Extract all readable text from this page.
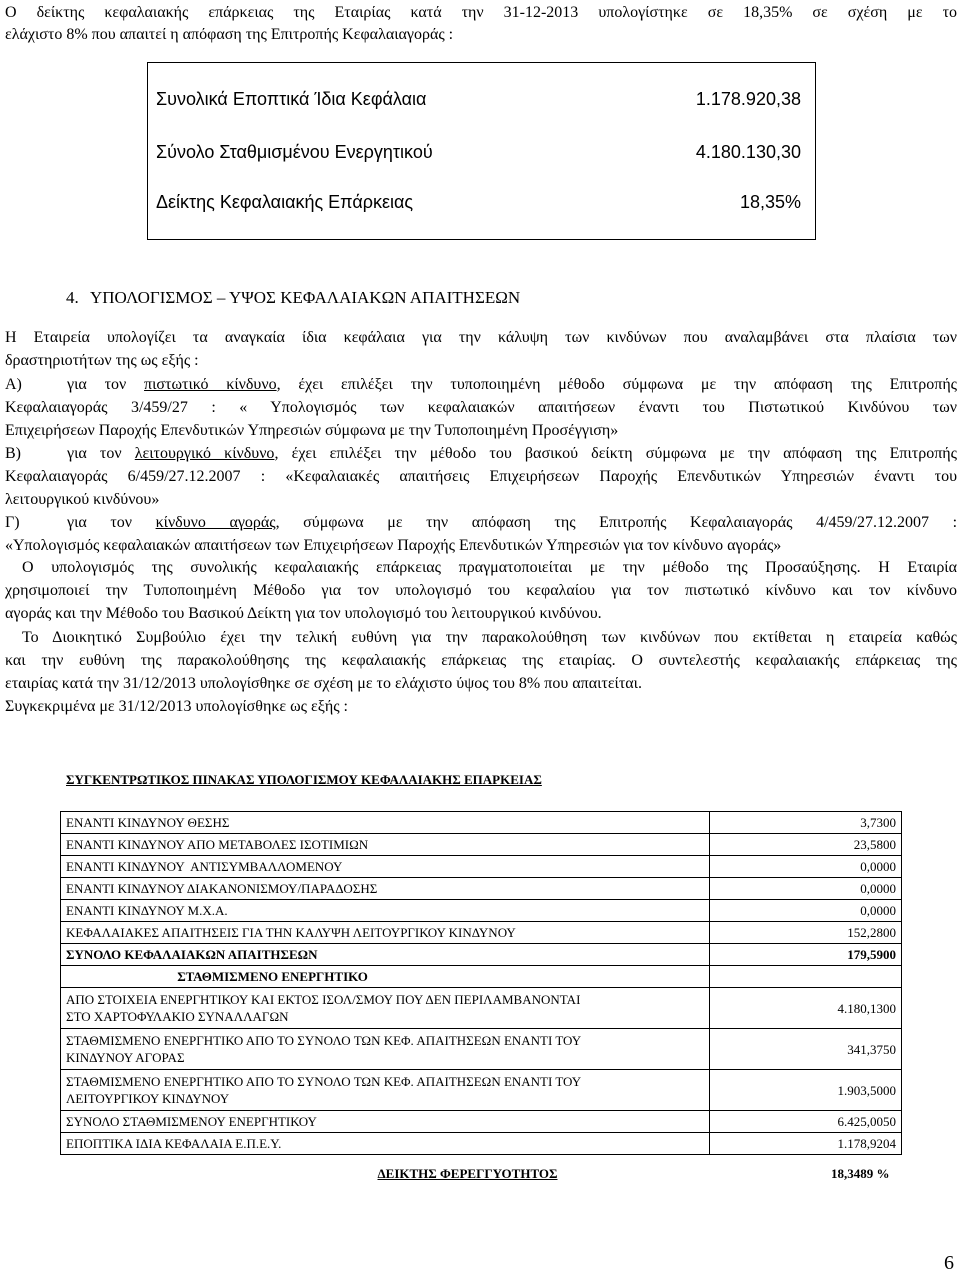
Ο δείκτης κεφαλαιακής επάρκειας της Εταιρίας κατά την 31-12-2013 υπολογίστηκε σε 18,35% σε σχέση με το
ελάχιστο 8% που απαιτεί η απόφαση της Επιτροπής Κεφαλαιαγοράς :
Συνολικά Εποπτικά Ίδια Κεφάλαια	1.178.920,38
Σύνολο Σταθμισμένου Ενεργητικού	4.180.130,30
Δείκτης Κεφαλαιακής Επάρκειας	18,35%
4. ΥΠΟΛΟΓΙΣΜΟΣ – ΥΨΟΣ ΚΕΦΑΛΑΙΑΚΩΝ ΑΠΑΙΤΗΣΕΩΝ
Η Εταιρεία υπολογίζει τα αναγκαία ίδια κεφάλαια για την κάλυψη των κινδύνων που αναλαμβάνει στα πλαίσια των
δραστηριοτήτων της ως εξής :
Α)	για τον πιστωτικό κίνδυνο, έχει επιλέξει την τυποποιημένη μέθοδο σύμφωνα με την απόφαση της Επιτροπής
Κεφαλαιαγοράς 3/459/27 : « Υπολογισμός των κεφαλαιακών απαιτήσεων έναντι του Πιστωτικού Κινδύνου των
Επιχειρήσεων Παροχής Επενδυτικών Υπηρεσιών σύμφωνα με την Τυποποιημένη Προσέγγιση»
Β)	για τον λειτουργικό κίνδυνο, έχει επιλέξει την μέθοδο του βασικού δείκτη σύμφωνα με την απόφαση της Επιτροπής
Κεφαλαιαγοράς 6/459/27.12.2007 : «Κεφαλαιακές απαιτήσεις Επιχειρήσεων Παροχής Επενδυτικών Υπηρεσιών έναντι του
λειτουργικού κινδύνου»
Γ)	για τον κίνδυνο αγοράς, σύμφωνα με την απόφαση της Επιτροπής Κεφαλαιαγοράς 4/459/27.12.2007 :
«Υπολογισμός κεφαλαιακών απαιτήσεων των Επιχειρήσεων Παροχής Επενδυτικών Υπηρεσιών για τον κίνδυνο αγοράς»
Ο υπολογισμός της συνολικής κεφαλαιακής επάρκειας πραγματοποιείται με την μέθοδο της Προσαύξησης. Η Εταιρία
χρησιμοποιεί την Τυποποιημένη Μέθοδο για τον υπολογισμό του κεφαλαίου για τον πιστωτικό κίνδυνο και τον κίνδυνο
αγοράς και την Μέθοδο του Βασικού Δείκτη για τον υπολογισμό του λειτουργικού κινδύνου.
Το Διοικητικό Συμβούλιο έχει την τελική ευθύνη για την παρακολούθηση των κινδύνων που εκτίθεται η εταιρεία καθώς
και την ευθύνη της παρακολούθησης της κεφαλαιακής επάρκειας της εταιρίας. Ο συντελεστής κεφαλαιακής επάρκειας της
εταιρίας κατά την 31/12/2013 υπολογίσθηκε σε σχέση με το ελάχιστο ύψος του 8% που απαιτείται.
Συγκεκριμένα με 31/12/2013 υπολογίσθηκε ως εξής :
ΣΥΓΚΕΝΤΡΩΤΙΚΟΣ ΠΙΝΑΚΑΣ ΥΠΟΛΟΓΙΣΜΟΥ ΚΕΦΑΛΑΙΑΚΗΣ ΕΠΑΡΚΕΙΑΣ
ΕΝΑΝΤΙ ΚΙΝΔΥΝΟΥ ΘΕΣΗΣ	3,7300
ΕΝΑΝΤΙ ΚΙΝΔΥΝΟΥ ΑΠΟ ΜΕΤΑΒΟΛΕΣ ΙΣΟΤΙΜΙΩΝ	23,5800
ΕΝΑΝΤΙ ΚΙΝΔΥΝΟΥ  ΑΝΤΙΣΥΜΒΑΛΛΟΜΕΝΟΥ	0,0000
ΕΝΑΝΤΙ ΚΙΝΔΥΝΟΥ ΔΙΑΚΑΝΟΝΙΣΜΟΥ/ΠΑΡΑΔΟΣΗΣ	0,0000
ΕΝΑΝΤΙ ΚΙΝΔΥΝΟΥ Μ.Χ.Α.	0,0000
ΚΕΦΑΛΑΙΑΚΕΣ ΑΠΑΙΤΗΣΕΙΣ ΓΙΑ ΤΗΝ ΚΑΛΥΨΗ ΛΕΙΤΟΥΡΓΙΚΟΥ ΚΙΝΔΥΝΟΥ	152,2800
ΣΥΝΟΛΟ ΚΕΦΑΛΑΙΑΚΩΝ ΑΠΑΙΤΗΣΕΩΝ	179,5900
ΣΤΑΘΜΙΣΜΕΝΟ ΕΝΕΡΓΗΤΙΚΟ	

ΑΠΟ ΣΤΟΙΧΕΙΑ ΕΝΕΡΓΗΤΙΚΟΥ ΚΑΙ ΕΚΤΟΣ ΙΣΟΛ/ΣΜΟΥ ΠΟΥ ΔΕΝ ΠΕΡΙΛΑΜΒΑΝΟΝΤΑΙ
ΣΤΟ ΧΑΡΤΟΦΥΛΑΚΙΟ ΣΥΝΑΛΛΑΓΩΝ	4.180,1300

ΣΤΑΘΜΙΣΜΕΝΟ ΕΝΕΡΓΗΤΙΚΟ ΑΠΟ ΤΟ ΣΥΝΟΛΟ ΤΩΝ ΚΕΦ. ΑΠΑΙΤΗΣΕΩΝ ΕΝΑΝΤΙ ΤΟΥ
ΚΙΝΔΥΝΟΥ ΑΓΟΡΑΣ	341,3750

ΣΤΑΘΜΙΣΜΕΝΟ ΕΝΕΡΓΗΤΙΚΟ ΑΠΟ ΤΟ ΣΥΝΟΛΟ ΤΩΝ ΚΕΦ. ΑΠΑΙΤΗΣΕΩΝ ΕΝΑΝΤΙ ΤΟΥ
ΛΕΙΤΟΥΡΓΙΚΟΥ ΚΙΝΔΥΝΟΥ	1.903,5000
ΣΥΝΟΛΟ ΣΤΑΘΜΙΣΜΕΝΟΥ ΕΝΕΡΓΗΤΙΚΟΥ	6.425,0050
ΕΠΟΠΤΙΚΑ ΙΔΙΑ ΚΕΦΑΛΑΙΑ Ε.Π.Ε.Υ.	1.178,9204
ΔΕΙΚΤΗΣ ΦΕΡΕΓΓΥΟΤΗΤΟΣ	18,3489 %
6
